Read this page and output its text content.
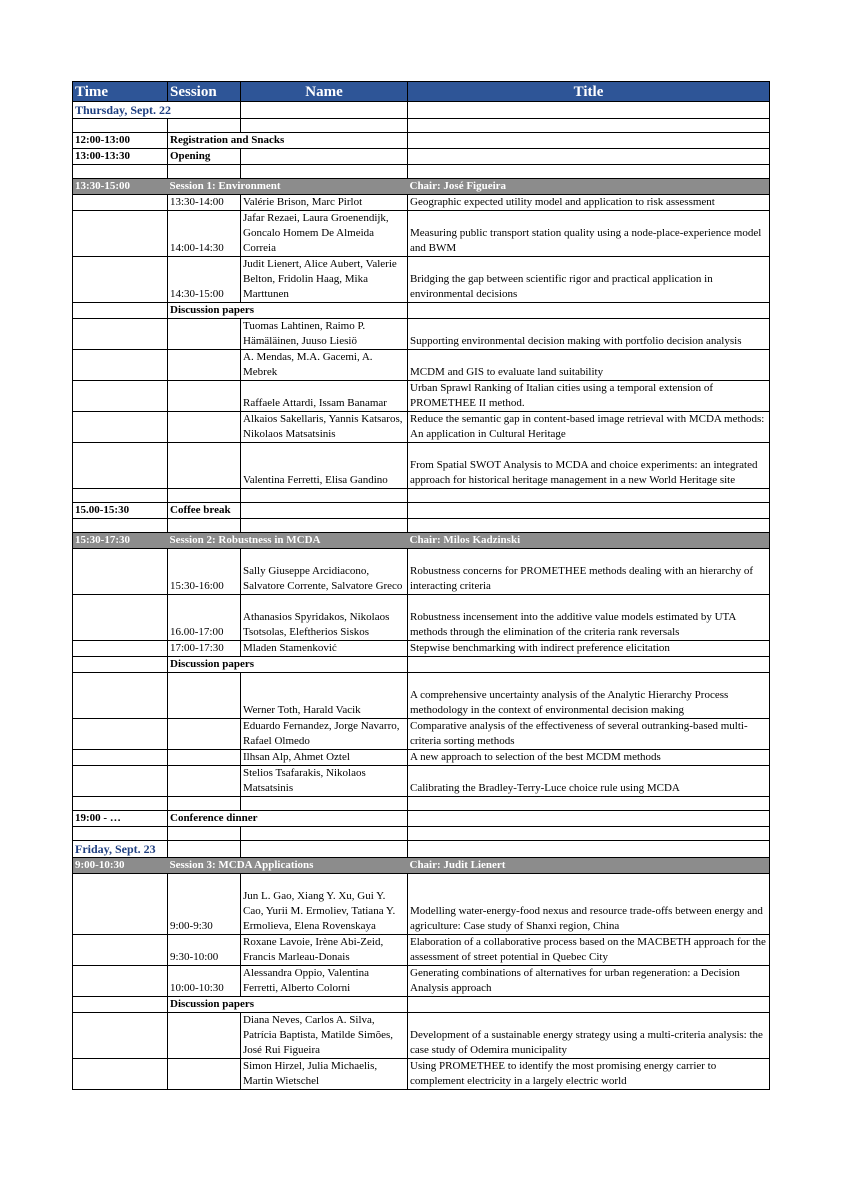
Time	Session	Name	Title
Thursday, Sept. 22			

12:00-13:00	Registration and Snacks		
13:00-13:30	Opening		

13:30-15:00	Session 1: Environment		Chair: José Figueira
	13:30-14:00	Valérie Brison, Marc Pirlot	Geographic expected utility model and application to risk assessment
	14:00-14:30	Jafar Rezaei, Laura Groenendijk, Goncalo Homem De Almeida Correia	Measuring public transport station quality using a node-place-experience model and BWM
	14:30-15:00	Judit Lienert, Alice Aubert, Valerie Belton, Fridolin Haag, Mika Marttunen	Bridging the gap between scientific rigor and practical application in environmental decisions
	Discussion papers		
		Tuomas Lahtinen, Raimo P. Hämäläinen, Juuso Liesiö	Supporting environmental decision making with portfolio decision analysis
		A. Mendas, M.A. Gacemi, A. Mebrek	MCDM and GIS to evaluate land suitability
		Raffaele Attardi, Issam Banamar	Urban Sprawl Ranking of Italian cities using a temporal extension of PROMETHEE II method.
		Alkaios Sakellaris, Yannis Katsaros, Nikolaos Matsatsinis	Reduce the semantic gap in content-based image retrieval with MCDA methods: An application in Cultural Heritage
		Valentina Ferretti, Elisa Gandino	From Spatial SWOT Analysis to MCDA and choice experiments: an integrated approach for historical heritage management in a new World Heritage site

15.00-15:30	Coffee break		

15:30-17:30	Session 2: Robustness in MCDA		Chair: Milos Kadzinski
	15:30-16:00	Sally Giuseppe Arcidiacono, Salvatore Corrente, Salvatore Greco	Robustness concerns for PROMETHEE methods dealing with an hierarchy of interacting criteria
	16.00-17:00	Athanasios Spyridakos, Nikolaos Tsotsolas, Eleftherios Siskos	Robustness incensement into the additive value models estimated by UTA methods through the elimination of the criteria rank reversals
	17:00-17:30	Mladen Stamenković	Stepwise benchmarking with indirect preference elicitation
	Discussion papers		
		Werner Toth, Harald Vacik	A comprehensive uncertainty analysis of the Analytic Hierarchy Process methodology in the context of environmental decision making
		Eduardo Fernandez, Jorge Navarro, Rafael Olmedo	Comparative analysis of the effectiveness of several outranking-based multi-criteria sorting methods
		Ilhsan Alp, Ahmet Oztel	A new approach to selection of the best MCDM methods
		Stelios Tsafarakis, Nikolaos Matsatsinis	Calibrating the Bradley-Terry-Luce choice rule using MCDA

19:00 - …	Conference dinner		

Friday, Sept. 23			
9:00-10:30	Session 3: MCDA Applications		Chair: Judit Lienert
	9:00-9:30	Jun L. Gao, Xiang Y. Xu, Gui Y. Cao, Yurii M. Ermoliev, Tatiana Y. Ermolieva, Elena Rovenskaya	Modelling water-energy-food nexus and resource trade-offs between energy and agriculture: Case study of Shanxi region, China
	9:30-10:00	Roxane Lavoie, Irène Abi-Zeid, Francis Marleau-Donais	Elaboration of a collaborative process based on the MACBETH approach for the assessment of street potential in Quebec City
	10:00-10:30	Alessandra Oppio, Valentina Ferretti, Alberto Colorni	Generating combinations of alternatives for urban regeneration: a Decision Analysis approach
	Discussion papers		
		Diana Neves, Carlos A. Silva, Patrícia Baptista, Matilde Simões, José Rui Figueira	Development of a sustainable energy strategy using a multi-criteria analysis: the case study of Odemira municipality
		Simon Hirzel, Julia Michaelis, Martin Wietschel	Using PROMETHEE to identify the most promising energy carrier to complement electricity in a largely electric world
